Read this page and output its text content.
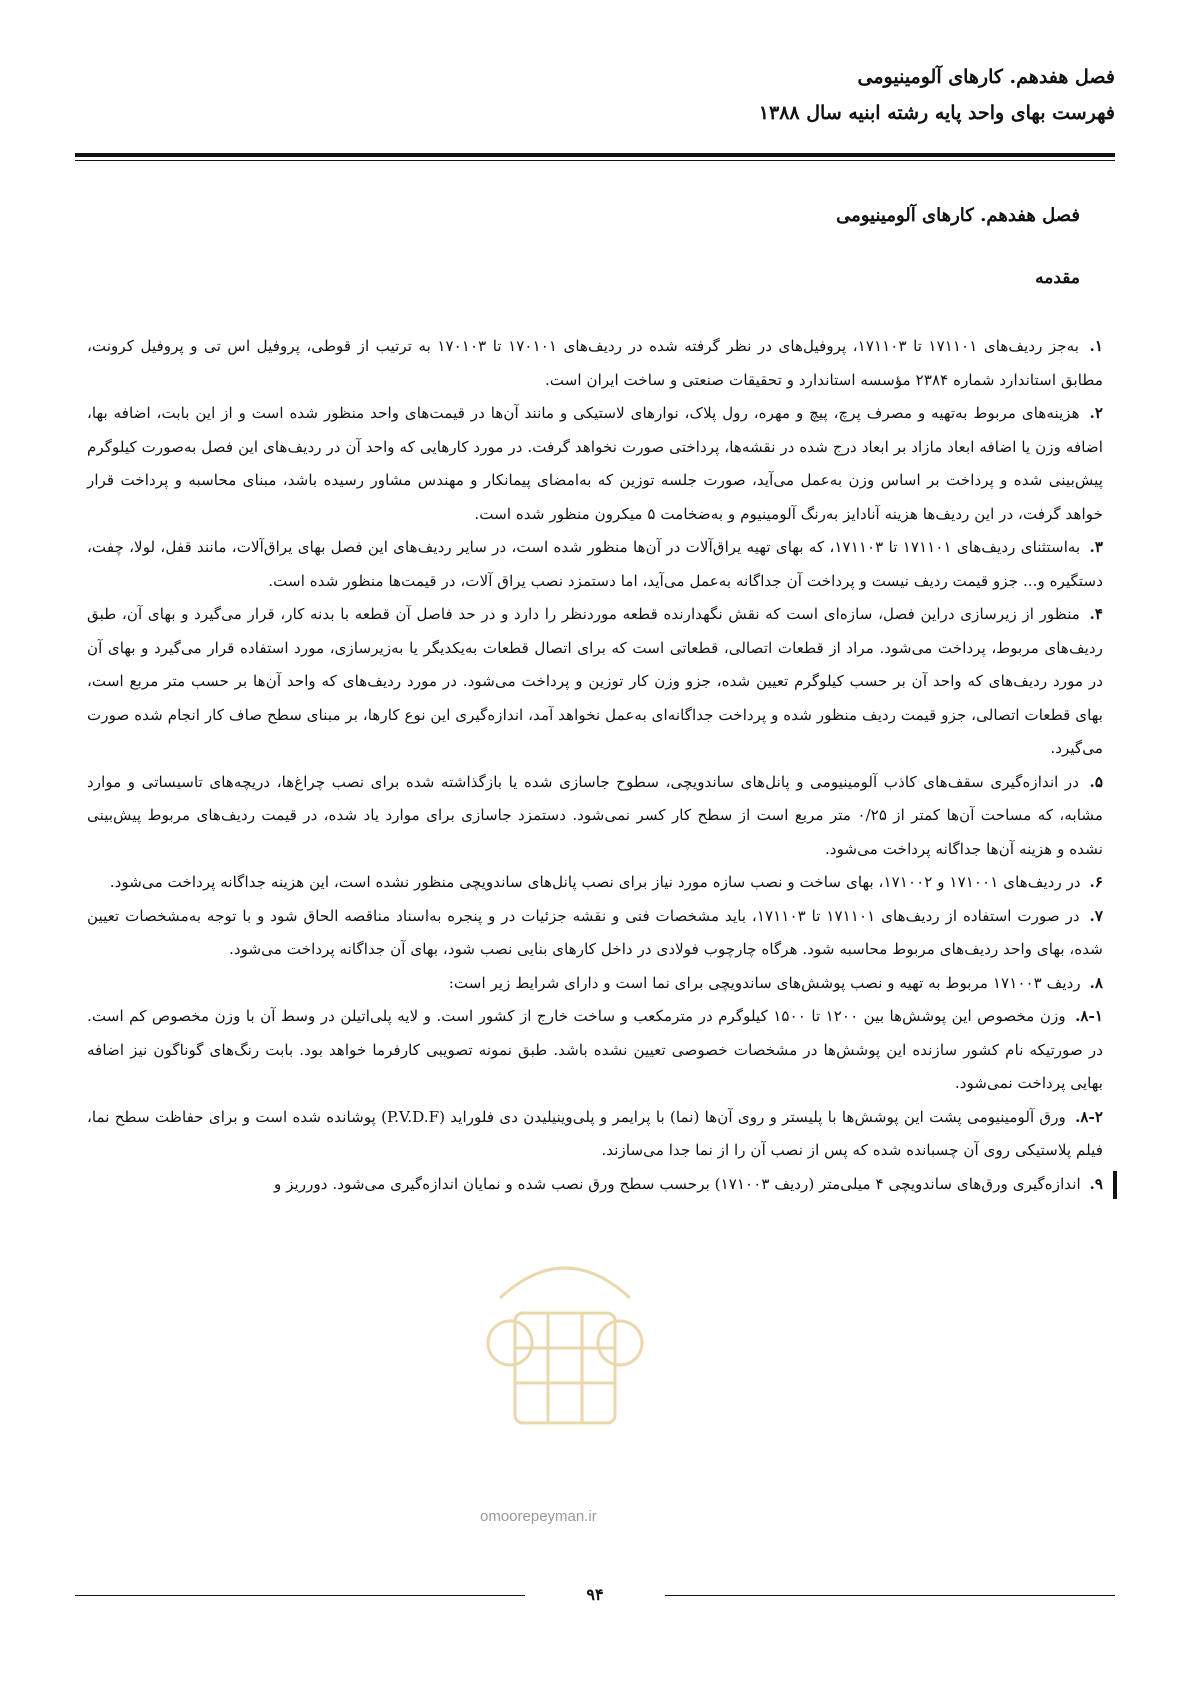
فصل هفدهم. کارهای آلومینیومی
فهرست بهای واحد پایه رشته ابنیه سال ۱۳۸۸
فصل هفدهم. کارهای آلومینیومی
مقدمه

۱. به‌جز ردیف‌های ۱۷۱۱۰۱ تا ۱۷۱۱۰۳، پروفیل‌های در نظر گرفته شده در ردیف‌های ۱۷۰۱۰۱ تا ۱۷۰۱۰۳ به ترتیب از قوطی، پروفیل اس تی و پروفیل کرونت، مطابق استاندارد شماره ۲۳۸۴ مؤسسه استاندارد و تحقیقات صنعتی و ساخت ایران است.

۲. هزینه‌های مربوط به‌تهیه و مصرف پرچ، پیچ و مهره، رول پلاک، نوارهای لاستیکی و مانند آن‌ها در قیمت‌های واحد منظور شده است و از این بابت، اضافه بها، اضافه وزن یا اضافه ابعاد مازاد بر ابعاد درج شده در نقشه‌ها، پرداختی صورت نخواهد گرفت. در مورد کارهایی که واحد آن در ردیف‌های این فصل به‌صورت کیلوگرم پیش‌بینی شده و پرداخت بر اساس وزن به‌عمل می‌آید، صورت جلسه توزین که به‌امضای پیمانکار و مهندس مشاور رسیده باشد، مبنای محاسبه و پرداخت قرار خواهد گرفت، در این ردیف‌ها هزینه آنادایز به‌رنگ آلومینیوم و به‌ضخامت ۵ میکرون منظور شده است.

۳. به‌استثنای ردیف‌های ۱۷۱۱۰۱ تا ۱۷۱۱۰۳، که بهای تهیه یراق‌آلات در آن‌ها منظور شده است، در سایر ردیف‌های این فصل بهای یراق‌آلات، مانند قفل، لولا، چفت، دستگیره و... جزو قیمت ردیف نیست و پرداخت آن جداگانه به‌عمل می‌آید، اما دستمزد نصب یراق آلات، در قیمت‌ها منظور شده است.

۴. منظور از زیرسازی دراین فصل، سازه‌ای است که نقش نگهدارنده قطعه موردنظر را دارد و در حد فاصل آن قطعه با بدنه کار، قرار می‌گیرد و بهای آن، طبق ردیف‌های مربوط، پرداخت می‌شود. مراد از قطعات اتصالی، قطعاتی است که برای اتصال قطعات به‌یکدیگر یا به‌زیرسازی، مورد استفاده قرار می‌گیرد و بهای آن در مورد ردیف‌های که واحد آن بر حسب کیلوگرم تعیین شده، جزو وزن کار توزین و پرداخت می‌شود. در مورد ردیف‌های که واحد آن‌ها بر حسب متر مربع است، بهای قطعات اتصالی، جزو قیمت ردیف منظور شده و پرداخت جداگانه‌ای به‌عمل نخواهد آمد، اندازه‌گیری این نوع کارها، بر مبنای سطح صاف کار انجام شده صورت می‌گیرد.

۵. در اندازه‌گیری سقف‌های کاذب آلومینیومی و پانل‌های ساندویچی، سطوح جاسازی شده یا بازگذاشته شده برای نصب چراغ‌ها، دریچه‌های تاسیساتی و موارد مشابه، که مساحت آن‌ها کمتر از ۰/۲۵ متر مربع است از سطح کار کسر نمی‌شود. دستمزد جاسازی برای موارد یاد شده، در قیمت ردیف‌های مربوط پیش‌بینی نشده و هزینه آن‌ها جداگانه پرداخت می‌شود.

۶. در ردیف‌های ۱۷۱۰۰۱ و ۱۷۱۰۰۲، بهای ساخت و نصب سازه مورد نیاز برای نصب پانل‌های ساندویچی منظور نشده است، این هزینه جداگانه پرداخت می‌شود.

۷. در صورت استفاده از ردیف‌های ۱۷۱۱۰۱ تا ۱۷۱۱۰۳، باید مشخصات فنی و نقشه جزئیات در و پنجره به‌اسناد مناقصه الحاق شود و با توجه به‌مشخصات تعیین شده، بهای واحد ردیف‌های مربوط محاسبه شود. هرگاه چارچوب فولادی در داخل کارهای بنایی نصب شود، بهای آن جداگانه پرداخت می‌شود.

۸. ردیف ۱۷۱۰۰۳ مربوط به تهیه و نصب پوشش‌های ساندویچی برای نما است و دارای شرایط زیر است:

۸-۱. وزن مخصوص این پوشش‌ها بین ۱۲۰۰ تا ۱۵۰۰ کیلوگرم در مترمکعب و ساخت خارج از کشور است. و لایه پلی‌اتیلن در وسط آن با وزن مخصوص کم است. در صورتیکه نام کشور سازنده این پوشش‌ها در مشخصات خصوصی تعیین نشده باشد. طبق نمونه تصویبی کارفرما خواهد بود. بابت رنگ‌های گوناگون نیز اضافه بهایی پرداخت نمی‌شود.

۸-۲. ورق آلومینیومی پشت این پوشش‌ها با پلیستر و روی آن‌ها (نما) با پرایمر و پلی‌وینیلیدن دی فلوراید (P.V.D.F) پوشانده شده است و برای حفاظت سطح نما، فیلم پلاستیکی روی آن چسبانده شده که پس از نصب آن را از نما جدا می‌سازند.

۹. اندازه‌گیری ورق‌های ساندویچی ۴ میلی‌متر (ردیف ۱۷۱۰۰۳) برحسب سطح ورق نصب شده و نمایان اندازه‌گیری می‌شود. دورریز و

omoorepeyman.ir
۹۴
